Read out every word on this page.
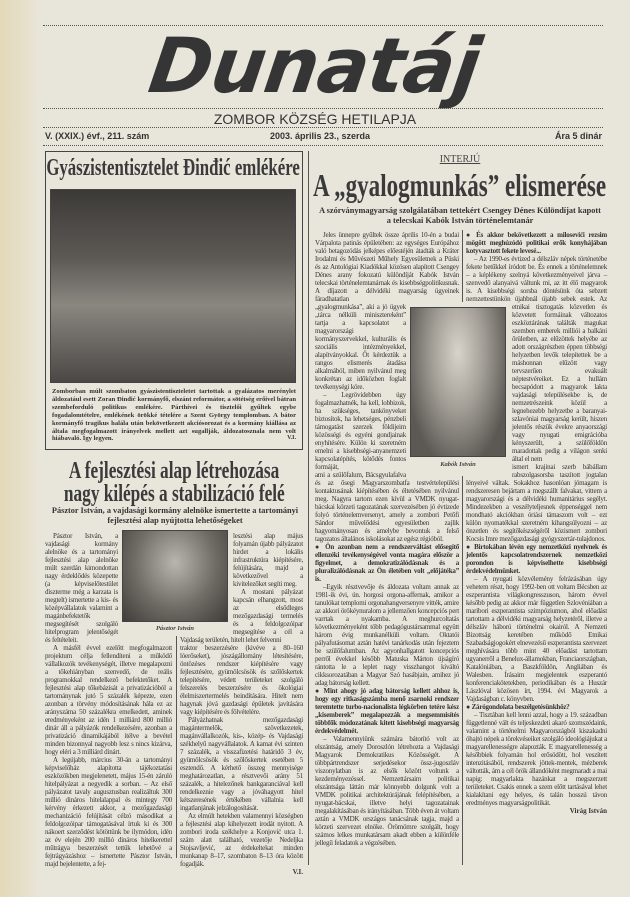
Dunatáj
ZOMBOR KÖZSÉG HETILAPJA
V. (XXIX.) évf., 211. szám	2003. április 23., szerda	Ára 5 dinár
Gyászistentisztelet Đinđić emlékére
Zomborban múlt szombaton gyászistentiszteletet tartottak a gyalázatos merénylet áldozatául esett Zoran Đinđić kormányfő, elszánt reformátor, a sötétség erőivel bátran szembeforduló politikus emlékére. Párthívei és tisztelői gyűltek egybe fogadalomtételre, emlékének örökké tételére a Szent György templomban. A bátor kormányfő tragikus halála után bekövetkezett akciósorozat és a kormány kiállása az általa megfogalmazott irányelvek mellett azt sugallják, áldozatosznala nem volt hiábavaló. Így legyen.	V.I.
A fejlesztési alap létrehozása
nagy kilépés a stabilizáció felé
Pásztor István, a vajdasági kormány alelnöke ismertette a tartományi fejlesztési alap nyújtotta lehetőségeket
Pásztor István

Pásztor István, a vajdasági kormány alelnöke és a tartományi fejlesztési alap alelnöke múlt szerdán kimondottan nagy érdeklődés közepette (a képviselőtestület díszterme még a karzata is megtelt) ismertette a kis- és középvállalatok valamint a magánbefektetők megsegítését szolgáló hitelprogram jelentőségét és feltételeit.

A másfél évvel ezelőtt megfogalmazott projektum célja fellendíteni a működő vállalkozók tevékenységét, illetve megalapozni a tőkehiányban szenvedő, de reális programokkal rendelkező befektetőket. A fejlesztési alap tőkebázisát a privatizációból a tartománynak jutó 5 százalék képezte, ezen azonban a törvény módosításának hála ez az arányszáma 50 százalékra emelkedett, aminek eredményeként az idén 1 milliárd 800 millió dinár áll a pályázók rendelkezésére, azonban a privatizáció dinamikájából ítélve a bevétel minden bizonnyal nagyobb lesz s nincs kizárva, hogy eléri a 3 milliárd dinárt.

A legújabb, március 30-án a tartományi képviselőház alapította tájékoztatási eszközökben megjelenetett, május 15-én záruló hitelpályázat a negyedik a sorban. – Az első pályázatot tavaly augusztusban realizáltuk 300 millió dináros hitelalappal és mintegy 700 kérvény érkezett akkor, a mezőgazdasági mechanizáció felújítását célzó másodikat a feldolgozóipar támogatásával írtuk ki és 300 nákoert szerződést kötöttünk be ilymódon, idén az év elején 200 millió dináros hitelkerettel műtrágya beszerzését tettük lehetővé a fejtrágyázáshoz – ismertette Pásztor István, majd bejelentette, a fej-

lesztési alap május folyamán újabb pályázatot hirdet a lokális infrastruktúra kiépítésére, felújítására, majd a következővel a kivitelezőket segíti meg.

A mostani pályázat kapcsán elhangzott, most az elsődleges mezőgazdasági termelés és a feldolgozóipar megsegítése a cél a Vajdaság területén, hitelt lehet felvenni

traktor beszerzésére (kivéve a 80–160 lóerőseket), jószágállomány létesítésére, öntözéses rendszer kiépítésére vagy fejlesztésére, gyümölcsösök és szőlőskertek telepítésére, védett területeket szolgáló felszerelés beszerzésére és ökológiai élelmiszertermelés beindítására. Hitelt nem hagynak jóvá gazdasági épületek javítására vagy kiépítésére és fölvételére.

Pályázhatnak mezőgazdasági magántermelők, szövetkezetek, magánvállalkozók, kis-, közép- és Vajdasági székhelyű nagyvállalatok. A kamat évi szinten 7 százalék, a visszafizetési határidő 3 év, gyümölcsösök és szőlőskertek esetében 5 esztendő. A kérhető összeg mennyisége meghatározatlan, a résztvevői arány 51 százalék, a hitelezőnek bankgaranciával kell rendelkeznie vagy a jóváhagyott hitel kétszeresének értékében vállalnia kell ingatlanjának jelzálogosítását.

Az elmúlt hetekben valamennyi községben a fejlesztési alap kihelyezett irodát nyitott. A zombori iroda székhelye a Konjović utca 1. szám alatt található, vezetője Nedeljka Stojsavljević, az érdekeltekat minden munkanap 8–17, szombaton 8–13 óra között fogadják.

V.I.

INTERJÚ
A „gyalogmunkás” elismerése
A szórványmagyarság szolgálatában tettekért Csengey Dénes Különdíjat kapott a telecskai Kabók István történelemtanár
Kabók István

Jeles ünnepre gyűltek össze április 10-én a budai Várpalota patinás épületében: az egységes Európához való betagozódás jelképes előestéjén átadták a Kráter Irodalmi és Művészeti Műhely Egyesületnek a Püski és az Antológiai Kiadókkal közösen alapított Csengey Dénes arany fokozatú különdíját Kabók István telecskai történelemtanárnak és kisebbségpolitikusnak. A díjazott a délvidéki magyarság ügyeinek fáradhatatlan

„gyalogmunkása”, aki a jó ügyek „tárca nélküli minisztereként” tartja a kapcsolatot a magyarországi kormányszervekkel, kulturális és szociális intézményekkel, alapítványokkal. Őt kérdeztük a rangos elismerés átadása alkalmából, miben nyilvánul meg konkrétan az időközben foglalt tevékenységi köre.

– Legrövidebben úgy fogalmazhatnék, ha kell, lobbizok, ha szükséges, tankönyveket biztosítok, ha lehetséges, pénzbeli támogatást szerzek földijeim közösségi és egyéni gondjainak enyhítésére. Külön ki szeretném emelni a kisebbségi-anyanemzeti kapcsolatépítés, kötődés fontos formáját,

ami a szülőfalum, Bácsgyulafalva és az ősegi Magyarszombatfa testvértelepülési kontaktusának kiépítésében és éltetésében nyilvánul meg. Nagyra tartom ezen kívül a VMDK nyugat-bácskai körzeti tagozatának szervezésében jó évtizede folyó történelemversenyt, amely a zombori Petőfi Sándor művelődési egyesületben zajlik hagyományosan és amelybe bevontuk a felső tagozatos általános iskolásokat az egész régióból.

● Ön azonban nem a rendszerváltást elősegítő ellenzéki tevékenységével vonta magára először a figyelmet, a demokratizálódásnak és a pluralizálódásnak az Ön életében volt „előjátéka” is.

–Egyik résztvevője és áldozata voltam annak az 1981-ik évi, ún. horgosi orgona-affernak, amikor a tanulókat templomi orgonahangversenyre vitték, amire az akkori örökéynuralom a jellemzően koncepciós pert varrtak a nyakamba. A meghurcoltatás következményeként több pedagógustársammal együtt három évig munkanélküli voltam. Oktatói pályafutásomat aztán hatévi tanárkodás után fejeztem be szülőfalumban. Az agyonhallgatott koncepciós perről évekkel később Matuska Márton újságíró rántotta le a leplet nagy visszhangot kiváltó cikksorozatában a Magyar Szó hasábjain, amihez jó adag bátorság kellett.

● Mint ahogy jó adag bátorság kellett ahhoz is, hogy egy ritkaságszámba menő zsarnoki rendszer teremtette turbo-nacionalista légkörben tetére kész „kisemberek” megalapozzák a megsemmisítés többfők módozatának kitett kisebbségi magyarság érdekvédelmét.

– Valamennyiünk számára bátorító volt az elszántság, amely Doroszlón létrehozta a Vajdasági Magyarok Demokratikus Közösségét. A többpártrendszer serjedésekor össz-jugoszláv viszonylatban is az elsők között voltunk a kezdeményezéssel. Nemzettársaim politikai elszántsága láttán már könnyebb dolgunk volt a VMDK politikai architektúrájának felépítésében, a nyugat-bácskai, illetve helyi tagozatainak megalakításában és irányításában. Több éven át voltam aztán a VMDK országos tanácsának tagja, majd a körzeti szervezet elnöke. Örömömre szolgált, hogy számos lelkes munkatársam akadt ebben a különféle jellegű feladatok a végzésében.

● És akkor bekövetkezett a milosevići rezsim mögött meghúzódó politikai erők konyhájában kotyvasztott fekete levesé...

– Az 1990-es évtized a délszláv népek történetébe fekete betűkkel íródott be. És ennek a történelemnek – a képlékeny szelnyá következményeivel járva – szenvedő alanyaivá váltunk mi, az itt élő magyarok is. A kisebbségi sorsba döntésünk óta sebzett nemzettestünkön újabbnál újabb sebek estek. Az etnikai tisztogatás közvetlen és közvetett formáinak változatos eszköztárának találták magukat szemben emberek milliói a balkáni őrületben, az elűzöttek helyébe az adott országrészben éppen többségi helyzetben levők telepítettek be a máshonnan elűzött vagy tervszerűen evakuált néptestvéreiket. Ez a hullám becsapódott a magyarok lakta vajdasági településekbe is, de nemzetrészeink közül a legnehezebb helyzetbe a baranyai-szlavóniai magyarság került, hiszen jelentős részük évekre anyaországi vagy nyugati emigrációba kényszerült, a szülőföldön maradottak pedig a világon senki által el nem

ismert krajinai szerb bábállam rabszolgasorsba taszított jogtalan lényeivé váltak. Sokakhoz hasonlóan jómagam is rendszeresen bejártam a megszállt falvakat, vittem a magyarországi és a délvidéki humanitárius segélyt. Mindezekben a veszélyteljesnek éppenséggel nem mondható akciókban óriási támaszom volt – ezt külön nyomatékkal szeretném kihangsúlyozni – az önzetlen és segítőkészségéről közismert zombori Kocsis Imre mezőgazdasági gyógyszertár-tulajdonos.

● Birtokában lévén egy nemzetközi nyelvnek és jelentős kapcsolatrendszernek nemzetközi porondon is képviselhette kisebbségi érdekvédelmünket.

– A nyugati közvélemény felrázásában úgy vehetem részt, hogy 1992-ben ott voltam Bécsben az eszperantista világkongresszuson, három évvel később pedig az akkor már független Szlovéniában a maribori eszperantista szimpóziumon, ahol előadást tartottam a délvidéki magyarság helyzetéről, illetve a délszláv háború történelmi okairól. A Nemzeti Bizottság keretében működő Etnikai Szabadságjogokért elnevezésű eszperantista szervezet meghívására több mint 40 előadást tartottam ugyanerről a Benelux-államokban, Franciaországban, Katalóniában, a Baszkföldön, Angliában és Walesben. Írásaim megjelentek eszperantó konferenciakötetekben, periodikában és a Huszár Lászlóval közösen írt, 1994. évi Magyarok a Vajdaságban c. könyvben.

● Zárógondolata beszélgetésünkhöz?

– Tisztában kell lenni azzal, hogy a 19. században függetlenné vált és teljeskezdeti akaró szomszédaink, valamint a történelmi Magyarországból kiszakadni óhajtó népek a törekvéseiket szolgáló ideológiájukat a magyarellenességre alapozták. E magyarellenesség a későbbiek folyamán hol erősödött, hol veszített intenzitásából, rendszerek jöttek-mentek, mézberek váltották, ám a cél örök állandóként megmaradt a mai napig: magyarlakta hazánkat a megszerzett területeket. Csakis ennek a szem előtt tartásával lehet kialakítani egy helyes, és talán hosszú távon eredményes magyarságpolitikát.

Virág István
